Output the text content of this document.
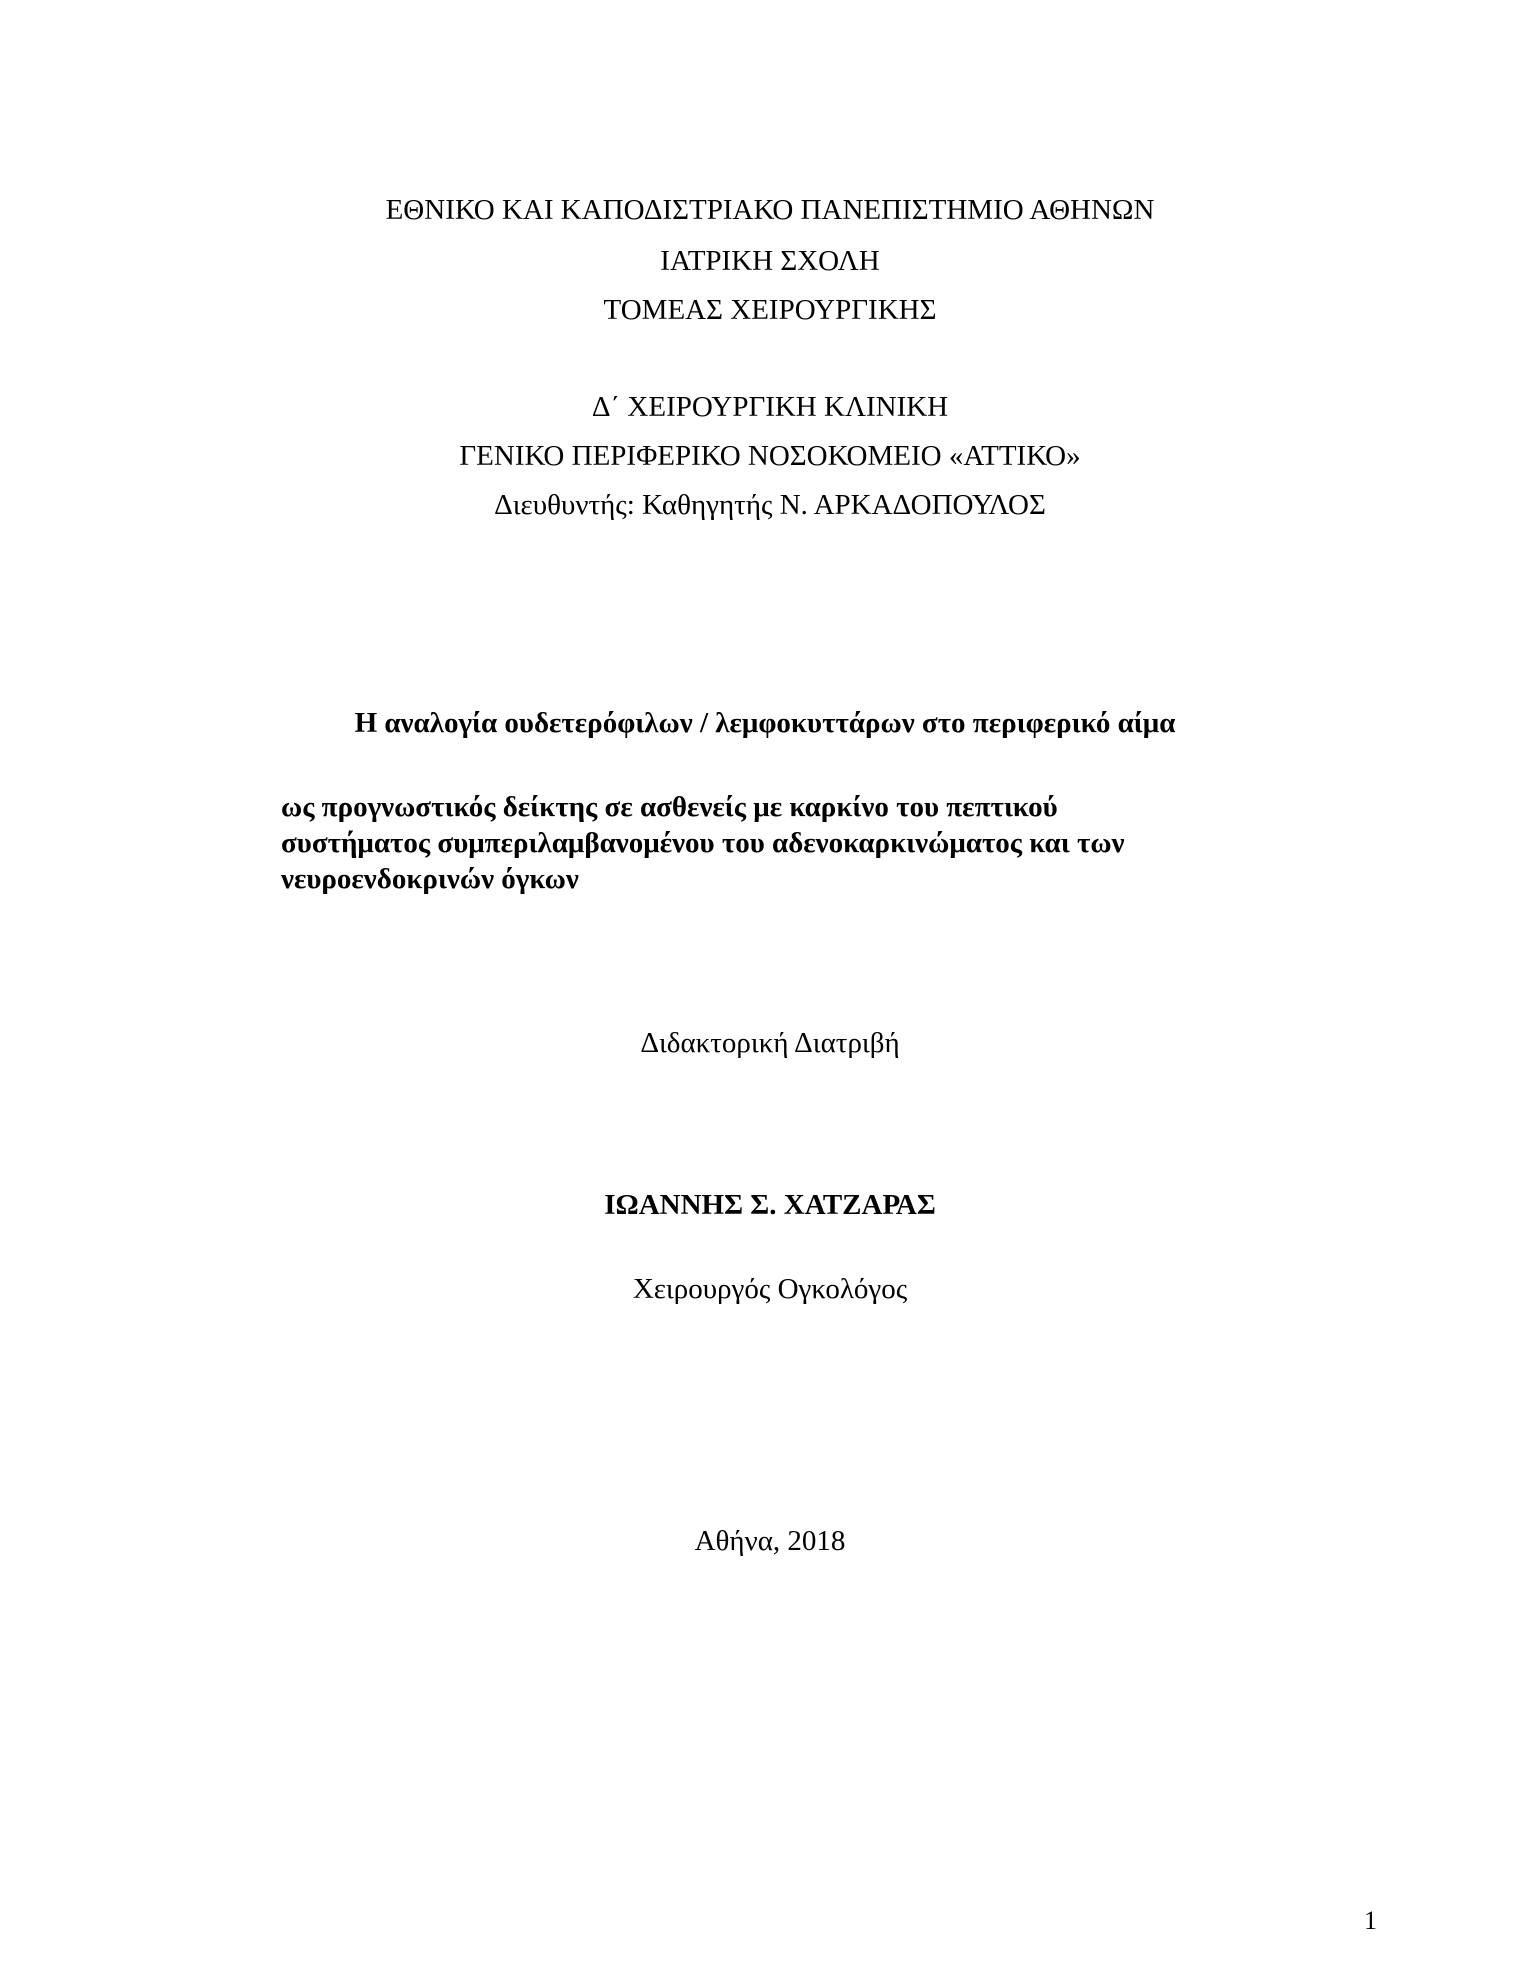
ΕΘΝΙΚΟ ΚΑΙ ΚΑΠΟΔΙΣΤΡΙΑΚΟ ΠΑΝΕΠΙΣΤΗΜΙΟ ΑΘΗΝΩΝ
ΙΑΤΡΙΚΗ ΣΧΟΛΗ
ΤΟΜΕΑΣ ΧΕΙΡΟΥΡΓΙΚΗΣ
Δ΄ ΧΕΙΡΟΥΡΓΙΚΗ ΚΛΙΝΙΚΗ
ΓΕΝΙΚΟ ΠΕΡΙΦΕΡΙΚΟ ΝΟΣΟΚΟΜΕΙΟ «ΑΤΤΙΚΟ»
Διευθυντής: Καθηγητής Ν. ΑΡΚΑΔΟΠΟΥΛΟΣ
Η αναλογία ουδετερόφιλων / λεμφοκυττάρων στο περιφερικό αίμα
ως προγνωστικός δείκτης σε ασθενείς με καρκίνο του πεπτικού
συστήματος συμπεριλαμβανομένου του αδενοκαρκινώματος και των
νευροενδοκρινών όγκων
Διδακτορική Διατριβή
ΙΩΑΝΝΗΣ Σ. ΧΑΤΖΑΡΑΣ
Χειρουργός Ογκολόγος
Αθήνα, 2018
1
